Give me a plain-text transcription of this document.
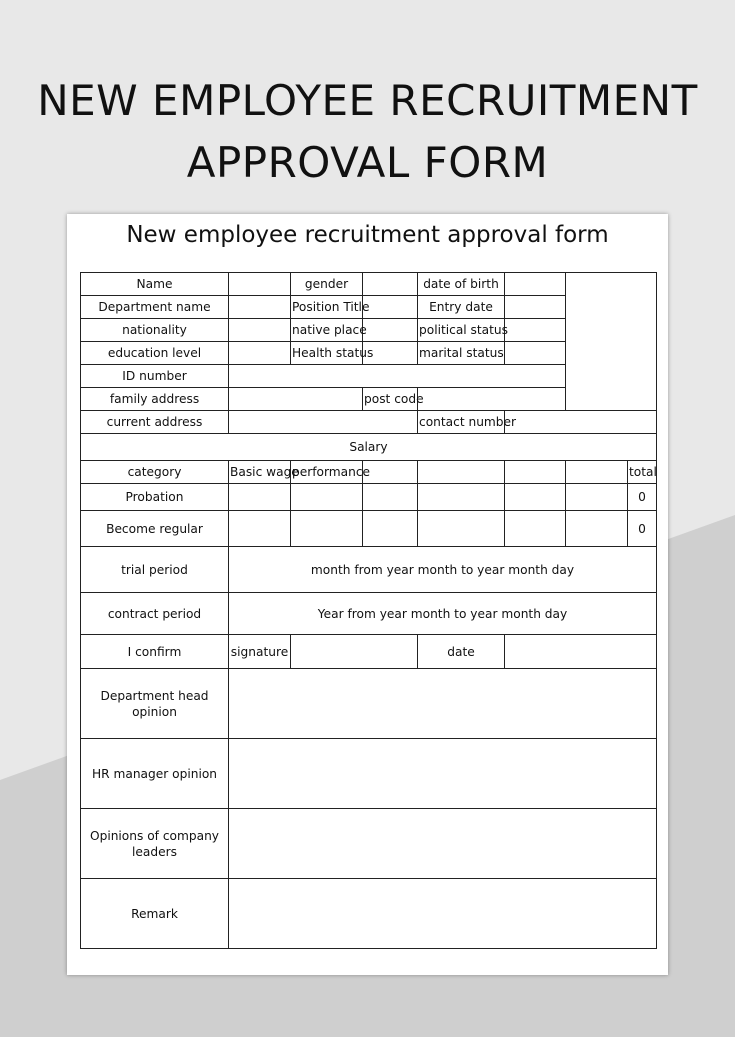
NEW EMPLOYEE RECRUITMENT
APPROVAL FORM
New employee recruitment approval form
Name		gender		date of birth			
Department name		Position Title		Entry date			
nationality		native place		political status			
education level		Health status		marital status			
ID number							
family address			post code				
current address				contact number			
Salary							
category	Basic wage	performance					total
Probation							0
Become regular							0
trial period	month from year month to year month day						
contract period	Year from year month to year month day						
I confirm	signature			date			
Department head opinion							
HR manager opinion							
Opinions of company leaders							
Remark							
